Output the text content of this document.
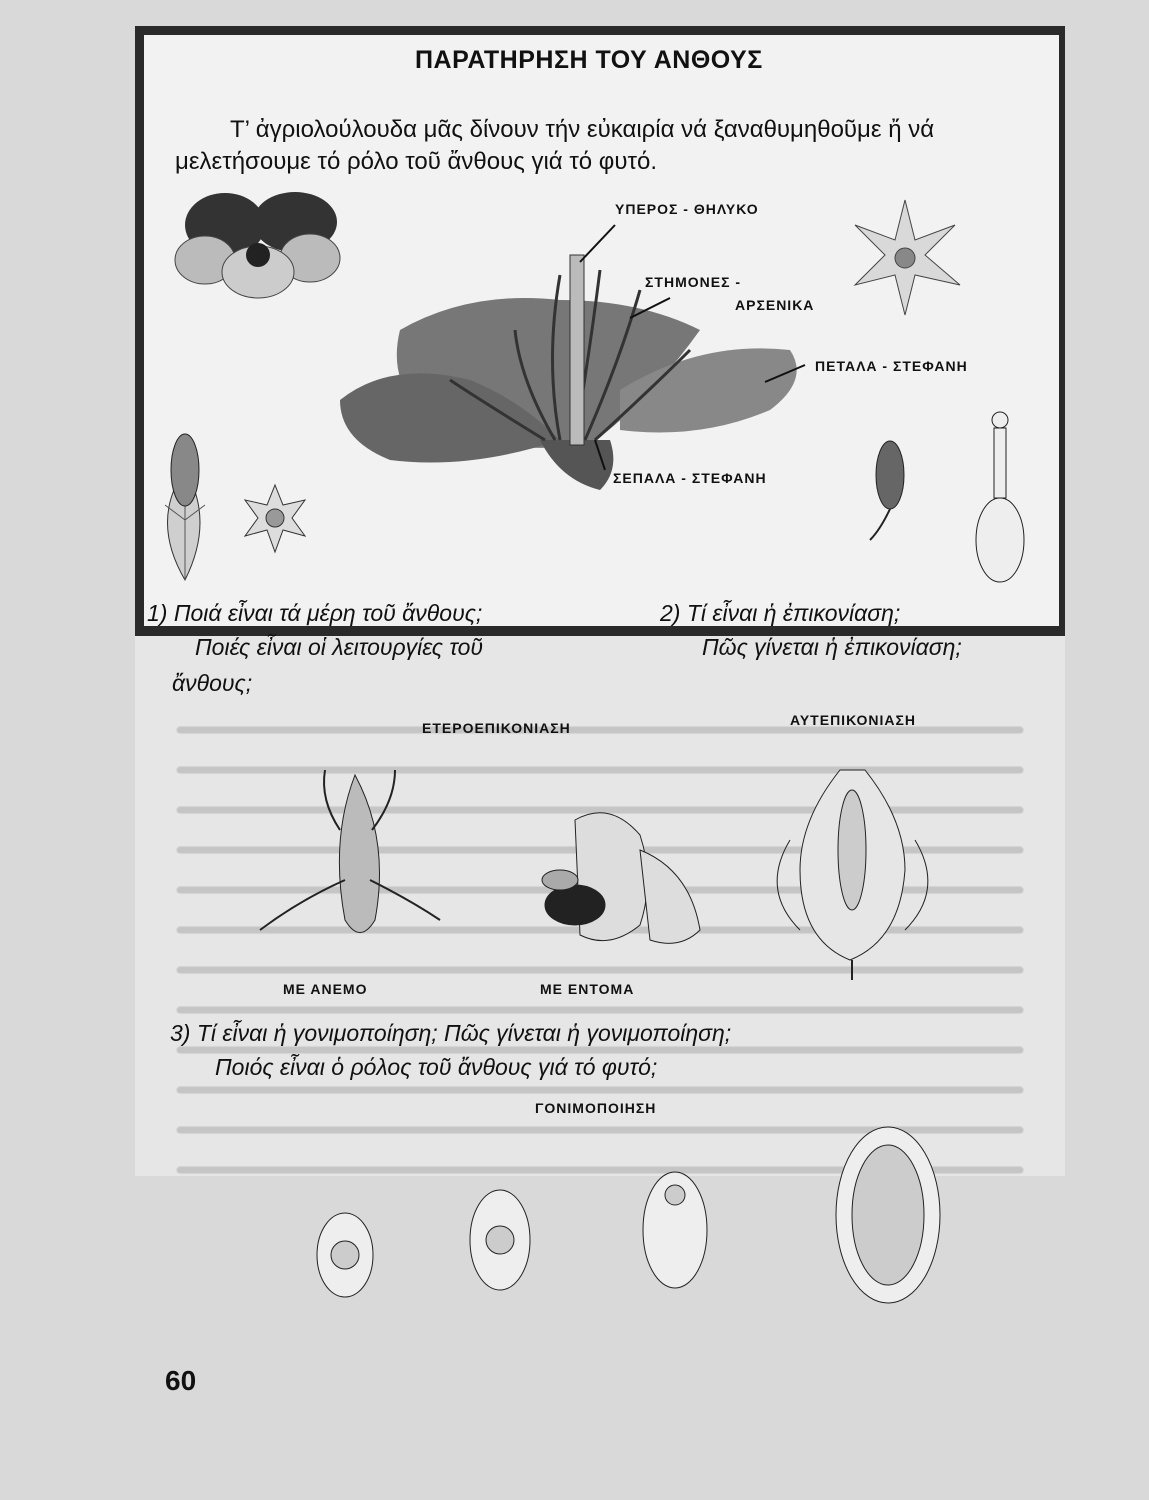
ΠΑΡΑΤΗΡΗΣΗ ΤΟΥ ΑΝΘΟΥΣ
Τ’ ἀγριολούλουδα μᾶς δίνουν τήν εὐκαιρία νά ξαναθυμηθοῦμε ἤ νά μελετήσουμε τό ρόλο τοῦ ἄνθους γιά τό φυτό.
ΥΠΕΡΟΣ - ΘΗΛΥΚΟ
ΣΤΗΜΟΝΕΣ -
ΑΡΣΕΝΙΚΑ
ΠΕΤΑΛΑ - ΣΤΕΦΑΝΗ
ΣΕΠΑΛΑ - ΣΤΕΦΑΝΗ
1) Ποιά εἶναι τά μέρη τοῦ ἄνθους;
Ποιές εἶναι οἱ λειτουργίες τοῦ
ἄνθους;
2) Τί εἶναι ἡ ἐπικονίαση;
Πῶς γίνεται ἡ ἐπικονίαση;
ΕΤΕΡΟΕΠΙΚΟΝΙΑΣΗ	ΑΥΤΕΠΙΚΟΝΙΑΣΗ
ΜΕ ΑΝΕΜΟ	ΜΕ ΕΝΤΟΜΑ
3) Τί εἶναι ἡ γονιμοποίηση; Πῶς γίνεται ἡ γονιμοποίηση;
Ποιός εἶναι ὁ ρόλος τοῦ ἄνθους γιά τό φυτό;
ΓΟΝΙΜΟΠΟΙΗΣΗ
60
